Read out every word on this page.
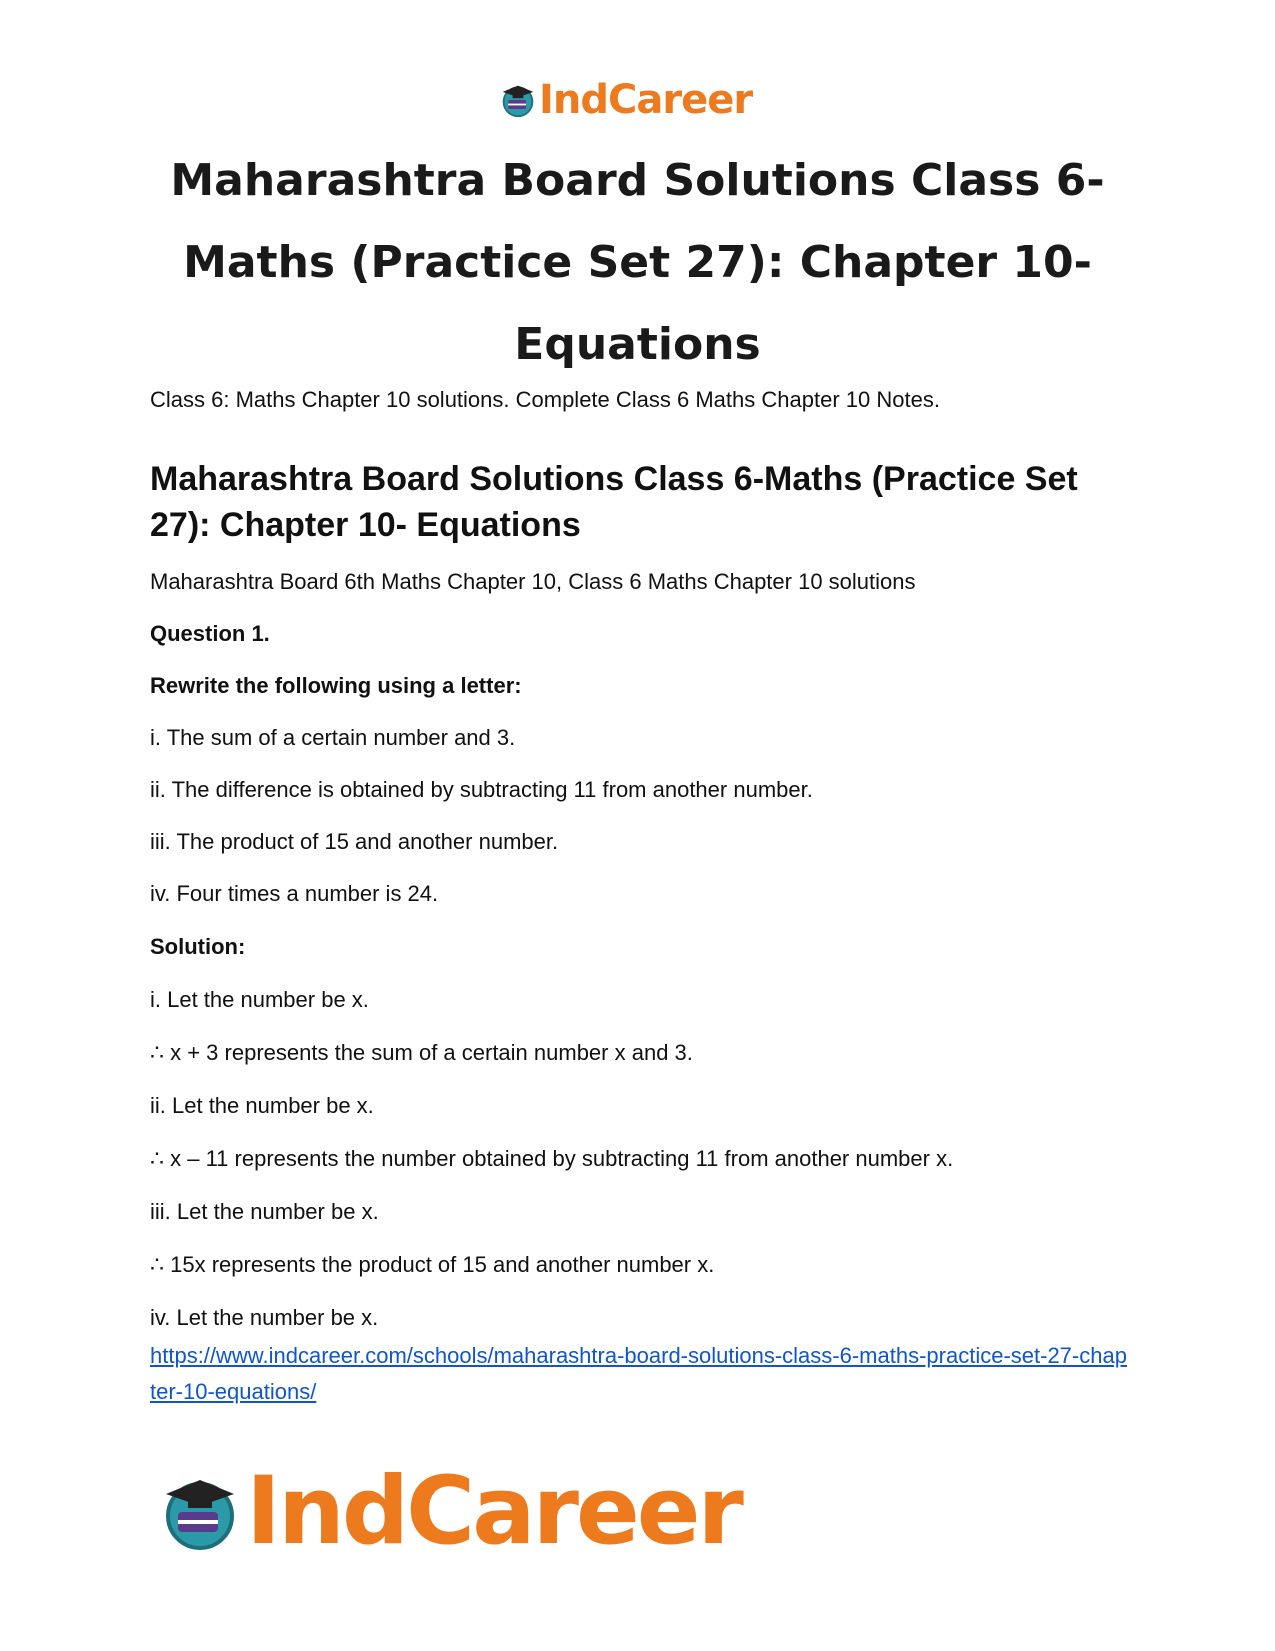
IndCareer
Maharashtra Board Solutions Class 6-Maths (Practice Set 27): Chapter 10- Equations

Class 6: Maths Chapter 10 solutions. Complete Class 6 Maths Chapter 10 Notes.

Maharashtra Board Solutions Class 6-Maths (Practice Set 27): Chapter 10- Equations

Maharashtra Board 6th Maths Chapter 10, Class 6 Maths Chapter 10 solutions

Question 1.

Rewrite the following using a letter:

i. The sum of a certain number and 3.

ii. The difference is obtained by subtracting 11 from another number.

iii. The product of 15 and another number.

iv. Four times a number is 24.

Solution:

i. Let the number be x.

∴ x + 3 represents the sum of a certain number x and 3.

ii. Let the number be x.

∴ x – 11 represents the number obtained by subtracting 11 from another number x.

iii. Let the number be x.

∴ 15x represents the product of 15 and another number x.

iv. Let the number be x.

https://www.indcareer.com/schools/maharashtra-board-solutions-class-6-maths-practice-set-27-chapter-10-equations/
IndCareer
